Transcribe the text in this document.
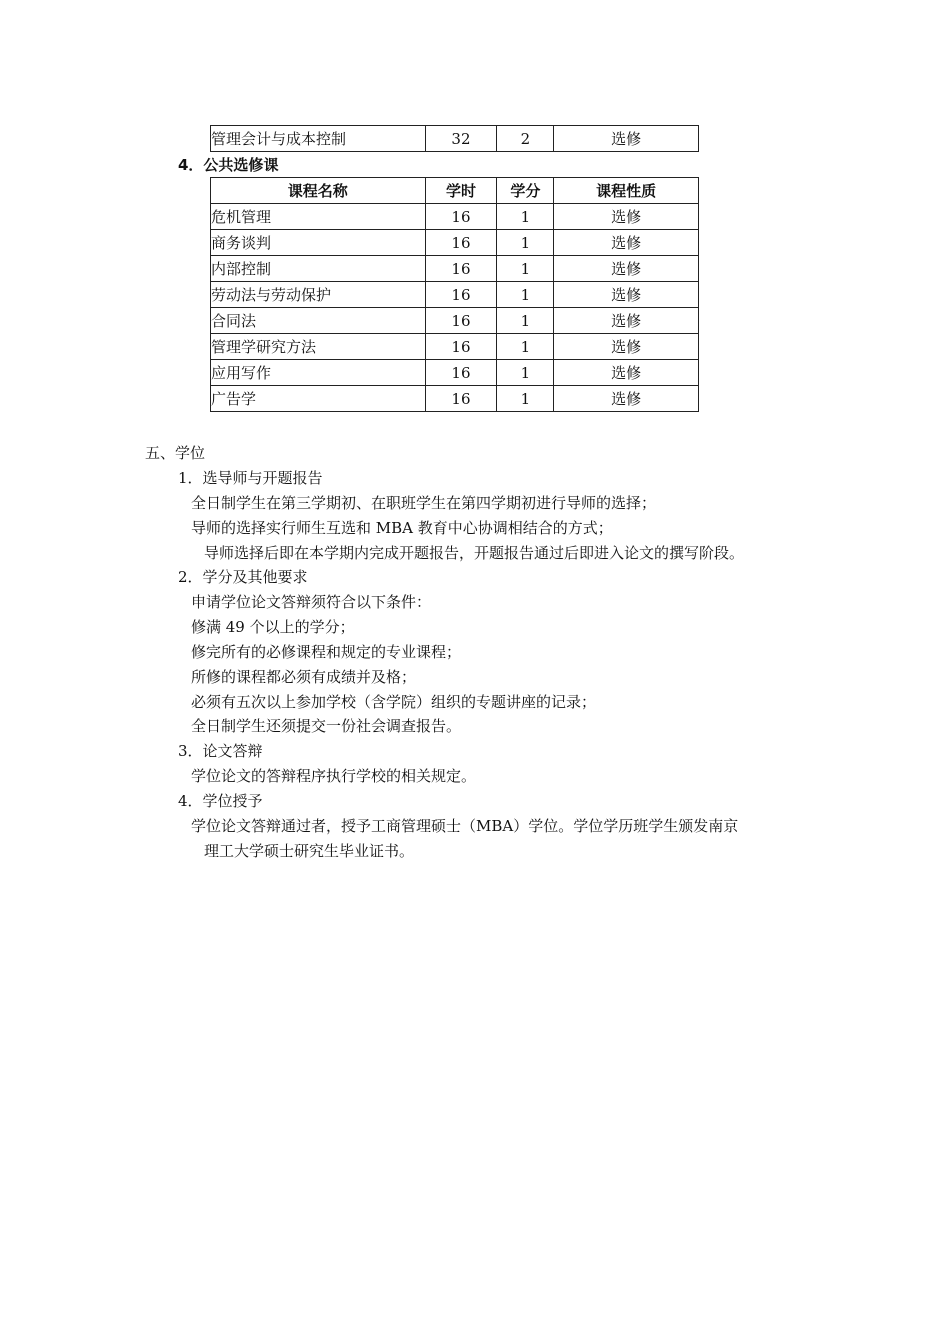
管理会计与成本控制	32	2	选修
4．公共选修课
课程名称	学时	学分	课程性质
危机管理	16	1	选修
商务谈判	16	1	选修
内部控制	16	1	选修
劳动法与劳动保护	16	1	选修
合同法	16	1	选修
管理学研究方法	16	1	选修
应用写作	16	1	选修
广告学	16	1	选修
五、学位
1．选导师与开题报告
全日制学生在第三学期初、在职班学生在第四学期初进行导师的选择；
导师的选择实行师生互选和 MBA 教育中心协调相结合的方式；
导师选择后即在本学期内完成开题报告，开题报告通过后即进入论文的撰写阶段。
2．学分及其他要求
申请学位论文答辩须符合以下条件：
修满 49 个以上的学分；
修完所有的必修课程和规定的专业课程；
所修的课程都必须有成绩并及格；
必须有五次以上参加学校（含学院）组织的专题讲座的记录；
全日制学生还须提交一份社会调查报告。
3．论文答辩
学位论文的答辩程序执行学校的相关规定。
4．学位授予
学位论文答辩通过者，授予工商管理硕士（MBA）学位。学位学历班学生颁发南京
理工大学硕士研究生毕业证书。
